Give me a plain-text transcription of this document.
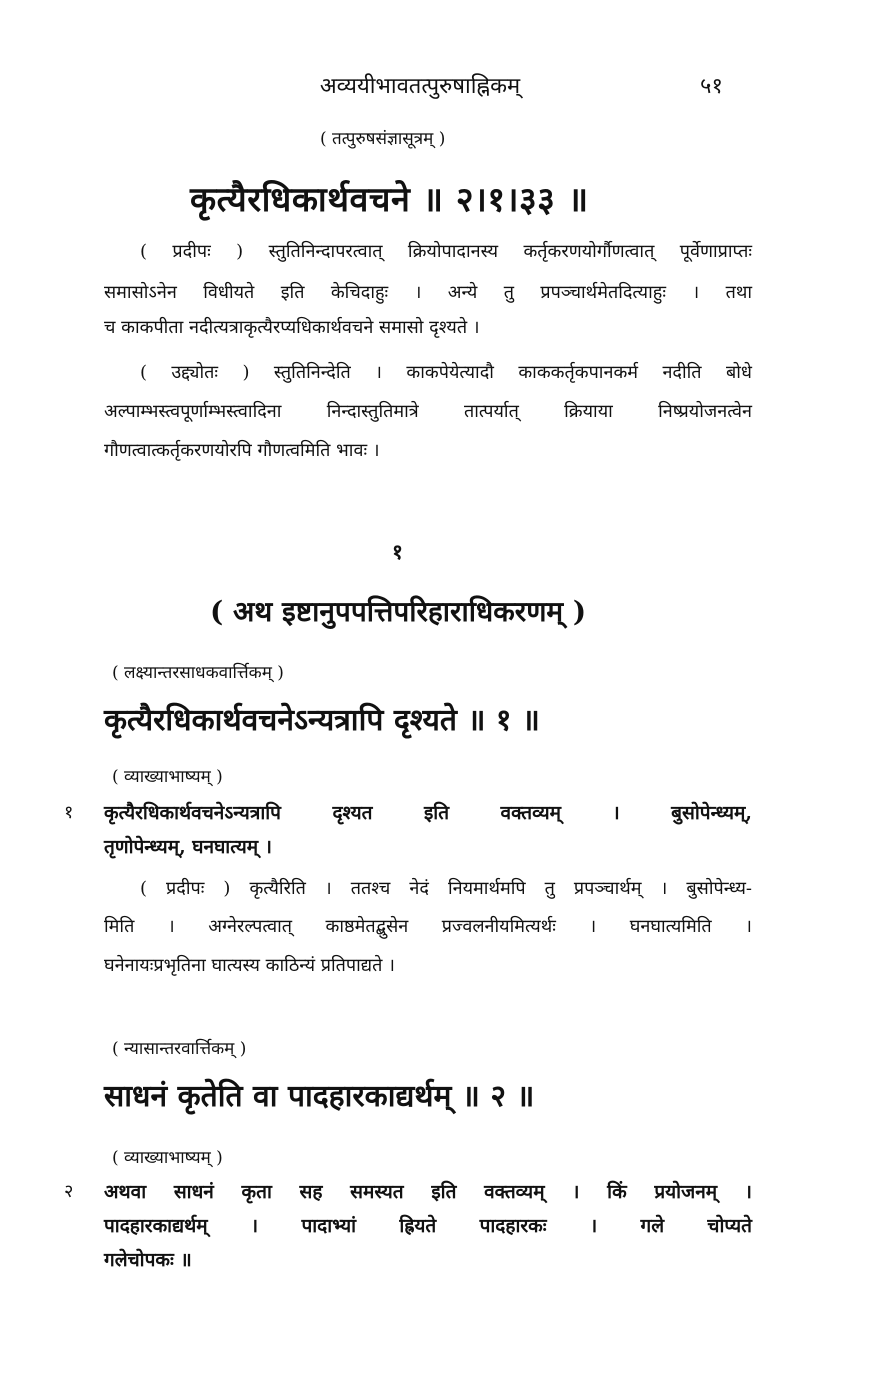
अव्ययीभावतत्पुरुषाह्निकम्	५१
( तत्पुरुषसंज्ञासूत्रम् )
कृत्यैरधिकार्थवचने ॥ २।१।३३ ॥
( प्रदीपः ) स्तुतिनिन्दापरत्वात् क्रियोपादानस्य कर्तृकरणयोर्गौणत्वात् पूर्वेणाप्राप्तः
समासोऽनेन विधीयते इति केचिदाहुः । अन्ये तु प्रपञ्चार्थमेतदित्याहुः । तथा
च काकपीता नदीत्यत्राकृत्यैरप्यधिकार्थवचने समासो दृश्यते ।
( उद्द्योतः ) स्तुतिनिन्देति । काकपेयेत्यादौ काककर्तृकपानकर्म नदीति बोधे
अल्पाम्भस्त्वपूर्णाम्भस्त्वादिना निन्दास्तुतिमात्रे तात्पर्यात् क्रियाया निष्प्रयोजनत्वेन
गौणत्वात्कर्तृकरणयोरपि गौणत्वमिति भावः ।
१
( अथ इष्टानुपपत्तिपरिहाराधिकरणम् )
( लक्ष्यान्तरसाधकवार्त्तिकम् )
कृत्यैरधिकार्थवचनेऽन्यत्रापि दृश्यते ॥ १ ॥
( व्याख्याभाष्यम् )
१ कृत्यैरधिकार्थवचनेऽन्यत्रापि दृश्यत इति वक्तव्यम् । बुसोपेन्ध्यम्,
तृणोपेन्ध्यम्, घनघात्यम् ।
( प्रदीपः ) कृत्यैरिति । ततश्च नेदं नियमार्थमपि तु प्रपञ्चार्थम् । बुसोपेन्ध्य-
मिति । अग्नेरल्पत्वात् काष्ठमेतद्बुसेन प्रज्वलनीयमित्यर्थः । घनघात्यमिति ।
घनेनायःप्रभृतिना घात्यस्य काठिन्यं प्रतिपाद्यते ।
( न्यासान्तरवार्त्तिकम् )
साधनं कृतेति वा पादहारकाद्यर्थम् ॥ २ ॥
( व्याख्याभाष्यम् )
२ अथवा साधनं कृता सह समस्यत इति वक्तव्यम् । किं प्रयोजनम् ।
पादहारकाद्यर्थम् । पादाभ्यां ह्रियते पादहारकः । गले चोप्यते
गलेचोपकः ॥
